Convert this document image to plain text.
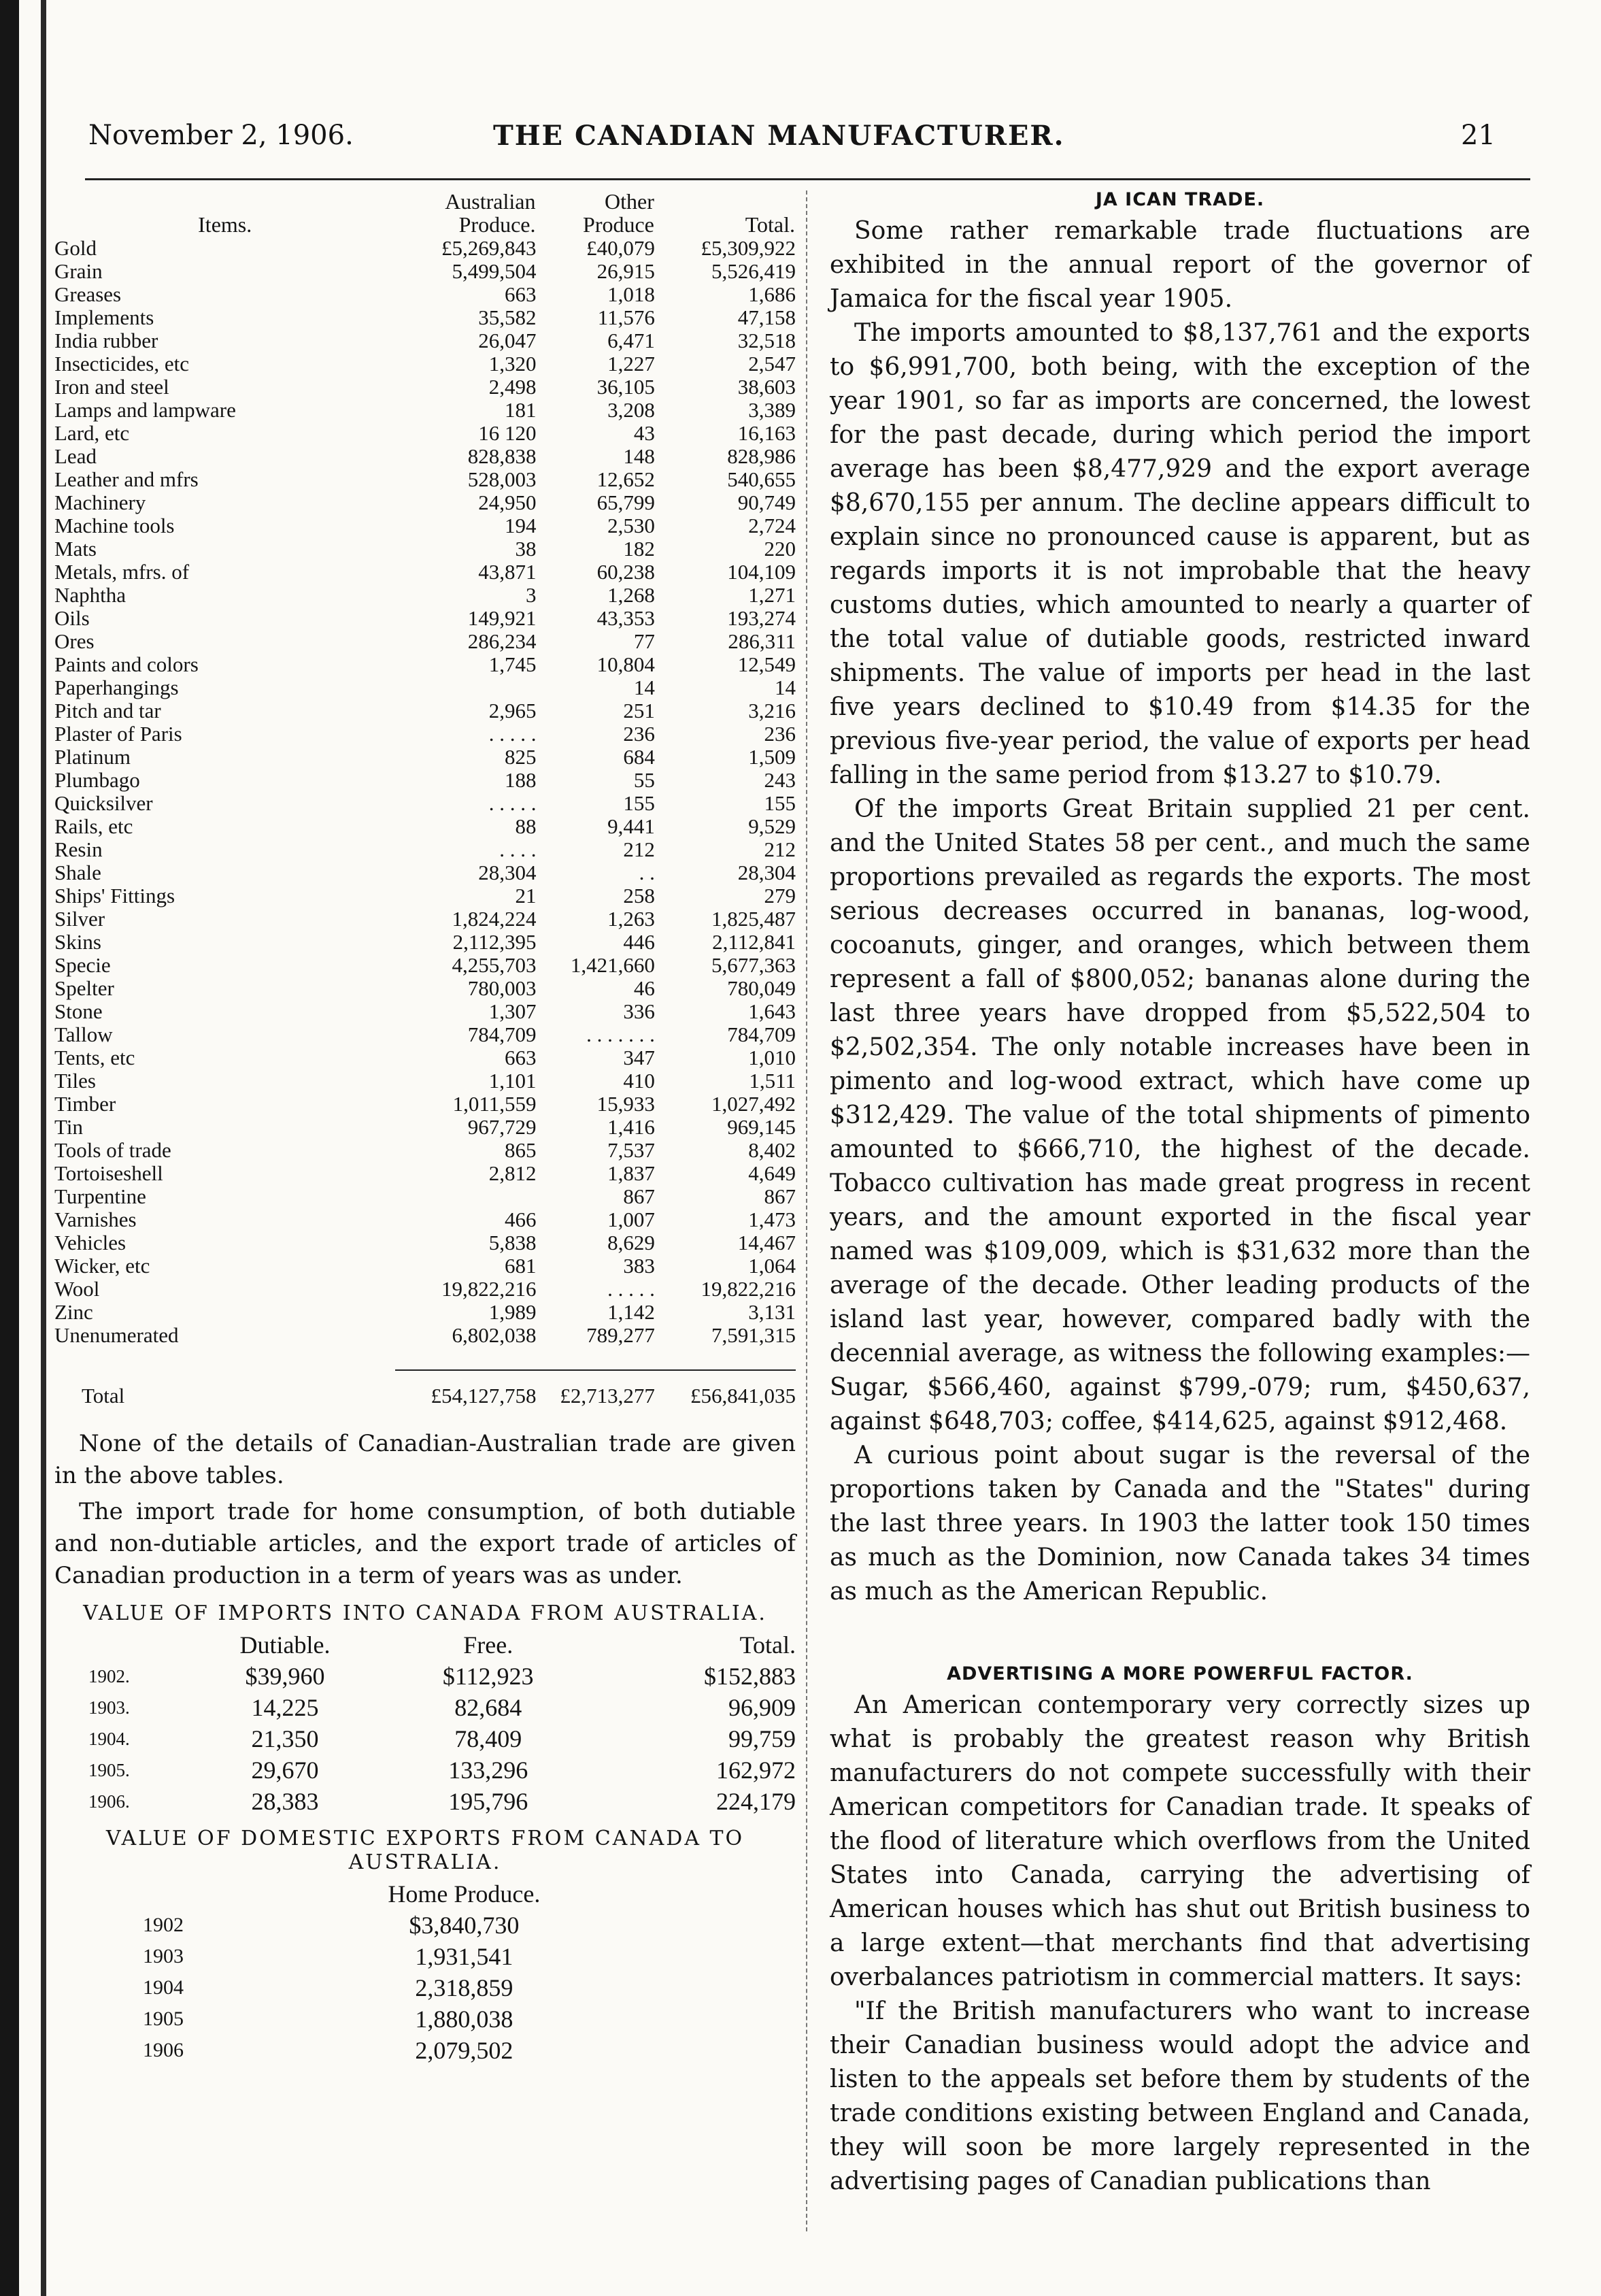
November 2, 1906.	THE CANADIAN MANUFACTURER.	21
Items.	Australian Produce.	Other Produce	Total.
Gold	£5,269,843	£40,079	£5,309,922
Grain	5,499,504	26,915	5,526,419
Greases	663	1,018	1,686
Implements	35,582	11,576	47,158
India rubber	26,047	6,471	32,518
Insecticides, etc	1,320	1,227	2,547
Iron and steel	2,498	36,105	38,603
Lamps and lampware	181	3,208	3,389
Lard, etc	16 120	43	16,163
Lead	828,838	148	828,986
Leather and mfrs	528,003	12,652	540,655
Machinery	24,950	65,799	90,749
Machine tools	194	2,530	2,724
Mats	38	182	220
Metals, mfrs. of	43,871	60,238	104,109
Naphtha	3	1,268	1,271
Oils	149,921	43,353	193,274
Ores	286,234	77	286,311
Paints and colors	1,745	10,804	12,549
Paperhangings		14	14
Pitch and tar	2,965	251	3,216
Plaster of Paris	. . . . .	236	236
Platinum	825	684	1,509
Plumbago	188	55	243
Quicksilver	. . . . .	155	155
Rails, etc	88	9,441	9,529
Resin	. . . .	212	212
Shale	28,304	. .	28,304
Ships' Fittings	21	258	279
Silver	1,824,224	1,263	1,825,487
Skins	2,112,395	446	2,112,841
Specie	4,255,703	1,421,660	5,677,363
Spelter	780,003	46	780,049
Stone	1,307	336	1,643
Tallow	784,709	. . . . . . .	784,709
Tents, etc	663	347	1,010
Tiles	1,101	410	1,511
Timber	1,011,559	15,933	1,027,492
Tin	967,729	1,416	969,145
Tools of trade	865	7,537	8,402
Tortoiseshell	2,812	1,837	4,649
Turpentine		867	867
Varnishes	466	1,007	1,473
Vehicles	5,838	8,629	14,467
Wicker, etc	681	383	1,064
Wool	19,822,216	. . . . .	19,822,216
Zinc	1,989	1,142	3,131
Unenumerated	6,802,038	789,277	7,591,315

Total	£54,127,758	£2,713,277	£56,841,035

None of the details of Canadian-Australian trade are given in the above tables.

The import trade for home consumption, of both dutiable and non-dutiable articles, and the export trade of articles of Canadian production in a term of years was as under.

VALUE OF IMPORTS INTO CANADA FROM AUSTRALIA.
	Dutiable.	Free.	Total.
1902.	$39,960	$112,923	$152,883
1903.	14,225	82,684	96,909
1904.	21,350	78,409	99,759
1905.	29,670	133,296	162,972
1906.	28,383	195,796	224,179
VALUE OF DOMESTIC EXPORTS FROM CANADA TO AUSTRALIA.
	Home Produce.
1902	$3,840,730
1903	1,931,541
1904	2,318,859
1905	1,880,038
1906	2,079,502
JA ICAN TRADE.

Some rather remarkable trade fluctuations are exhibited in the annual report of the governor of Jamaica for the fiscal year 1905.

The imports amounted to $8,137,761 and the exports to $6,991,700, both being, with the exception of the year 1901, so far as imports are concerned, the lowest for the past decade, during which period the import average has been $8,477,929 and the export average $8,670,155 per annum. The decline appears difficult to explain since no pronounced cause is apparent, but as regards imports it is not improbable that the heavy customs duties, which amounted to nearly a quarter of the total value of dutiable goods, restricted inward shipments. The value of imports per head in the last five years declined to $10.49 from $14.35 for the previous five-year period, the value of exports per head falling in the same period from $13.27 to $10.79.

Of the imports Great Britain supplied 21 per cent. and the United States 58 per cent., and much the same proportions prevailed as regards the exports. The most serious decreases occurred in bananas, log-wood, cocoanuts, ginger, and oranges, which between them represent a fall of $800,052; bananas alone during the last three years have dropped from $5,522,504 to $2,502,354. The only notable increases have been in pimento and log-wood extract, which have come up $312,429. The value of the total shipments of pimento amounted to $666,710, the highest of the decade. Tobacco cultivation has made great progress in recent years, and the amount exported in the fiscal year named was $109,009, which is $31,632 more than the average of the decade. Other leading products of the island last year, however, compared badly with the decennial average, as witness the following examples:—Sugar, $566,460, against $799,-079; rum, $450,637, against $648,703; coffee, $414,625, against $912,468.

A curious point about sugar is the reversal of the proportions taken by Canada and the "States" during the last three years. In 1903 the latter took 150 times as much as the Dominion, now Canada takes 34 times as much as the American Republic.

ADVERTISING A MORE POWERFUL FACTOR.

An American contemporary very correctly sizes up what is probably the greatest reason why British manufacturers do not compete successfully with their American competitors for Canadian trade. It speaks of the flood of literature which overflows from the United States into Canada, carrying the advertising of American houses which has shut out British business to a large extent—that merchants find that advertising overbalances patriotism in commercial matters. It says:

"If the British manufacturers who want to increase their Canadian business would adopt the advice and listen to the appeals set before them by students of the trade conditions existing between England and Canada, they will soon be more largely represented in the advertising pages of Canadian publications than
